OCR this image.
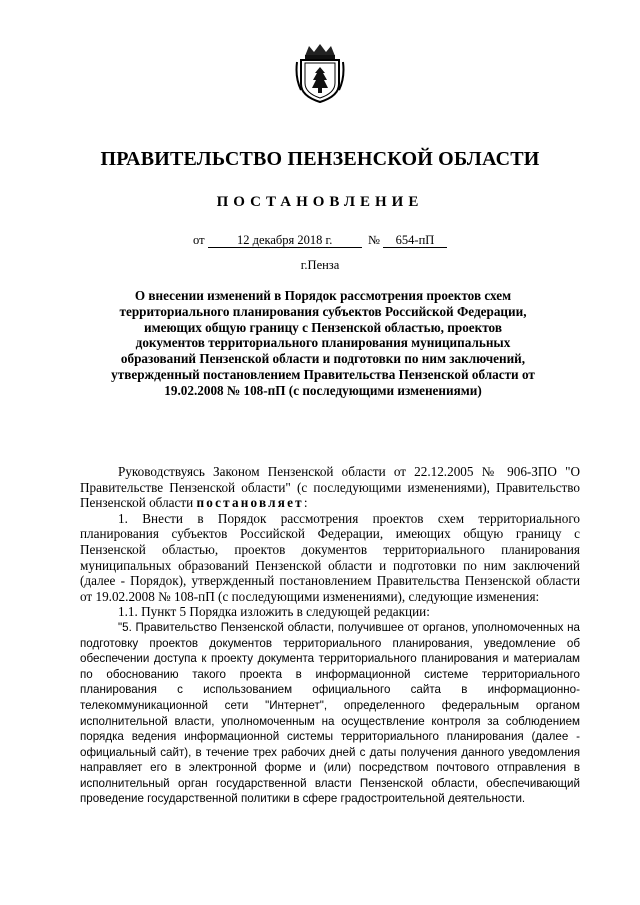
ПРАВИТЕЛЬСТВО ПЕНЗЕНСКОЙ ОБЛАСТИ
ПОСТАНОВЛЕНИЕ
от	12 декабря 2018 г.	№ 654-пП
г.Пенза
О внесении изменений в Порядок рассмотрения проектов схем территориального планирования субъектов Российской Федерации, имеющих общую границу с Пензенской областью, проектов документов территориального планирования муниципальных образований Пензенской области и подготовки по ним заключений, утвержденный постановлением Правительства Пензенской области от 19.02.2008 № 108-пП (с последующими изменениями)

Руководствуясь Законом Пензенской области от 22.12.2005 № 906-ЗПО "О Правительстве Пензенской области" (с последующими изменениями), Правительство Пензенской области постановляет:

1. Внести в Порядок рассмотрения проектов схем территориального планирования субъектов Российской Федерации, имеющих общую границу с Пензенской областью, проектов документов территориального планирования муниципальных образований Пензенской области и подготовки по ним заключений (далее - Порядок), утвержденный постановлением Правительства Пензенской области от 19.02.2008 № 108-пП (с последующими изменениями), следующие изменения:

1.1. Пункт 5 Порядка изложить в следующей редакции:

"5. Правительство Пензенской области, получившее от органов, уполномоченных на подготовку проектов документов территориального планирования, уведомление об обеспечении доступа к проекту документа территориального планирования и материалам по обоснованию такого проекта в информационной системе территориального планирования с использованием официального сайта в информационно-телекоммуникационной сети "Интернет", определенного федеральным органом исполнительной власти, уполномоченным на осуществление контроля за соблюдением порядка ведения информационной системы территориального планирования (далее - официальный сайт), в течение трех рабочих дней с даты получения данного уведомления направляет его в электронной форме и (или) посредством почтового отправления в исполнительный орган государственной власти Пензенской области, обеспечивающий проведение государственной политики в сфере градостроительной деятельности.
